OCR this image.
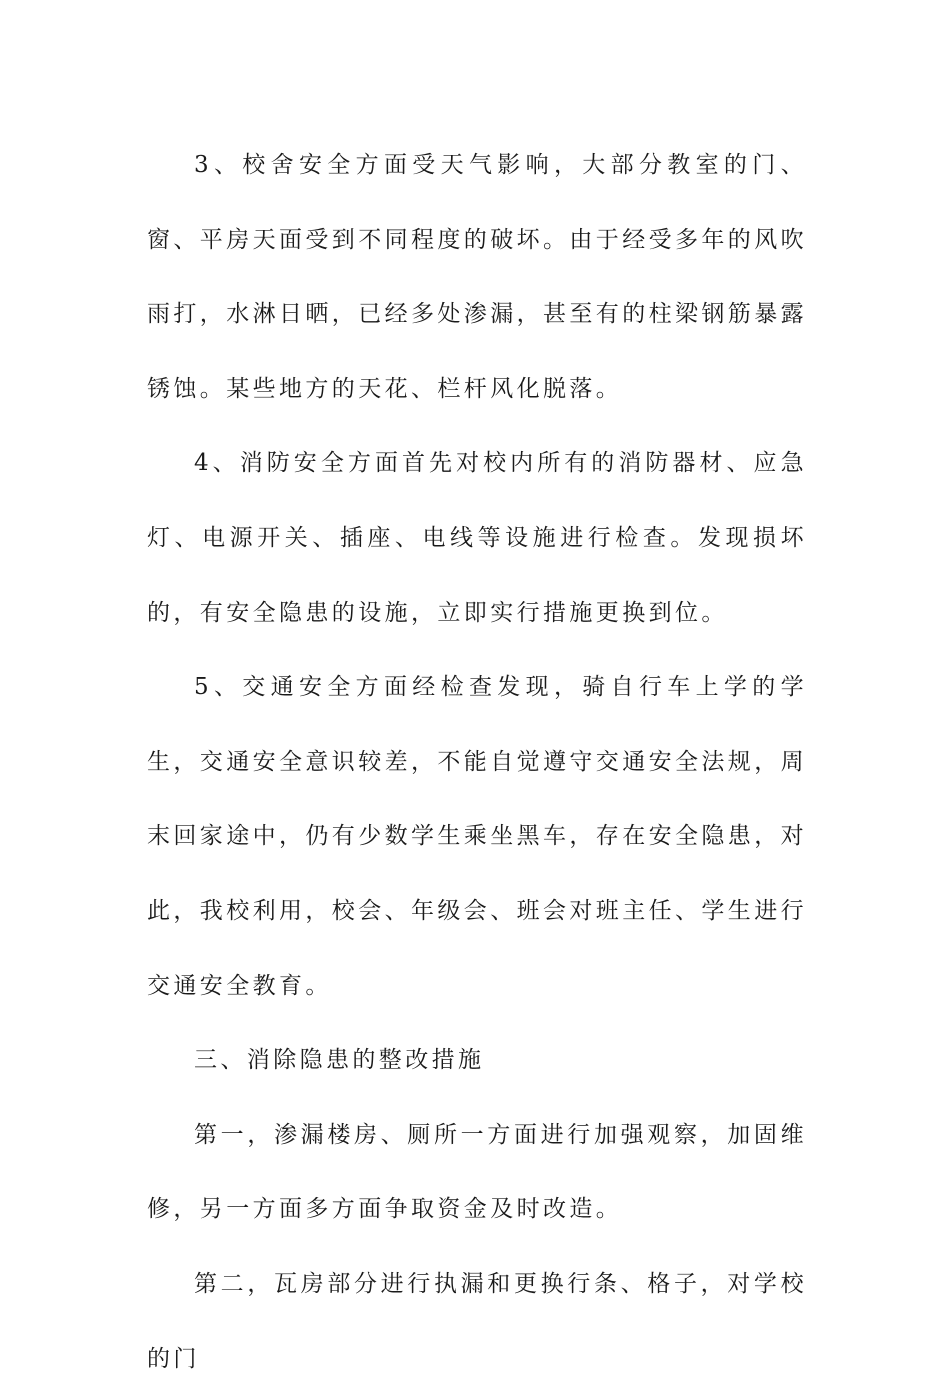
3、校舍安全方面受天气影响，大部分教室的门、窗、平房天面受到不同程度的破坏。由于经受多年的风吹雨打，水淋日晒，已经多处渗漏，甚至有的柱梁钢筋暴露锈蚀。某些地方的天花、栏杆风化脱落。

4、消防安全方面首先对校内所有的消防器材、应急灯、电源开关、插座、电线等设施进行检查。发现损坏的，有安全隐患的设施，立即实行措施更换到位。

5、交通安全方面经检查发现，骑自行车上学的学生，交通安全意识较差，不能自觉遵守交通安全法规，周末回家途中，仍有少数学生乘坐黑车，存在安全隐患，对此，我校利用，校会、年级会、班会对班主任、学生进行交通安全教育。

三、消除隐患的整改措施

第一，渗漏楼房、厕所一方面进行加强观察，加固维修，另一方面多方面争取资金及时改造。

第二，瓦房部分进行执漏和更换行条、格子，对学校的门
